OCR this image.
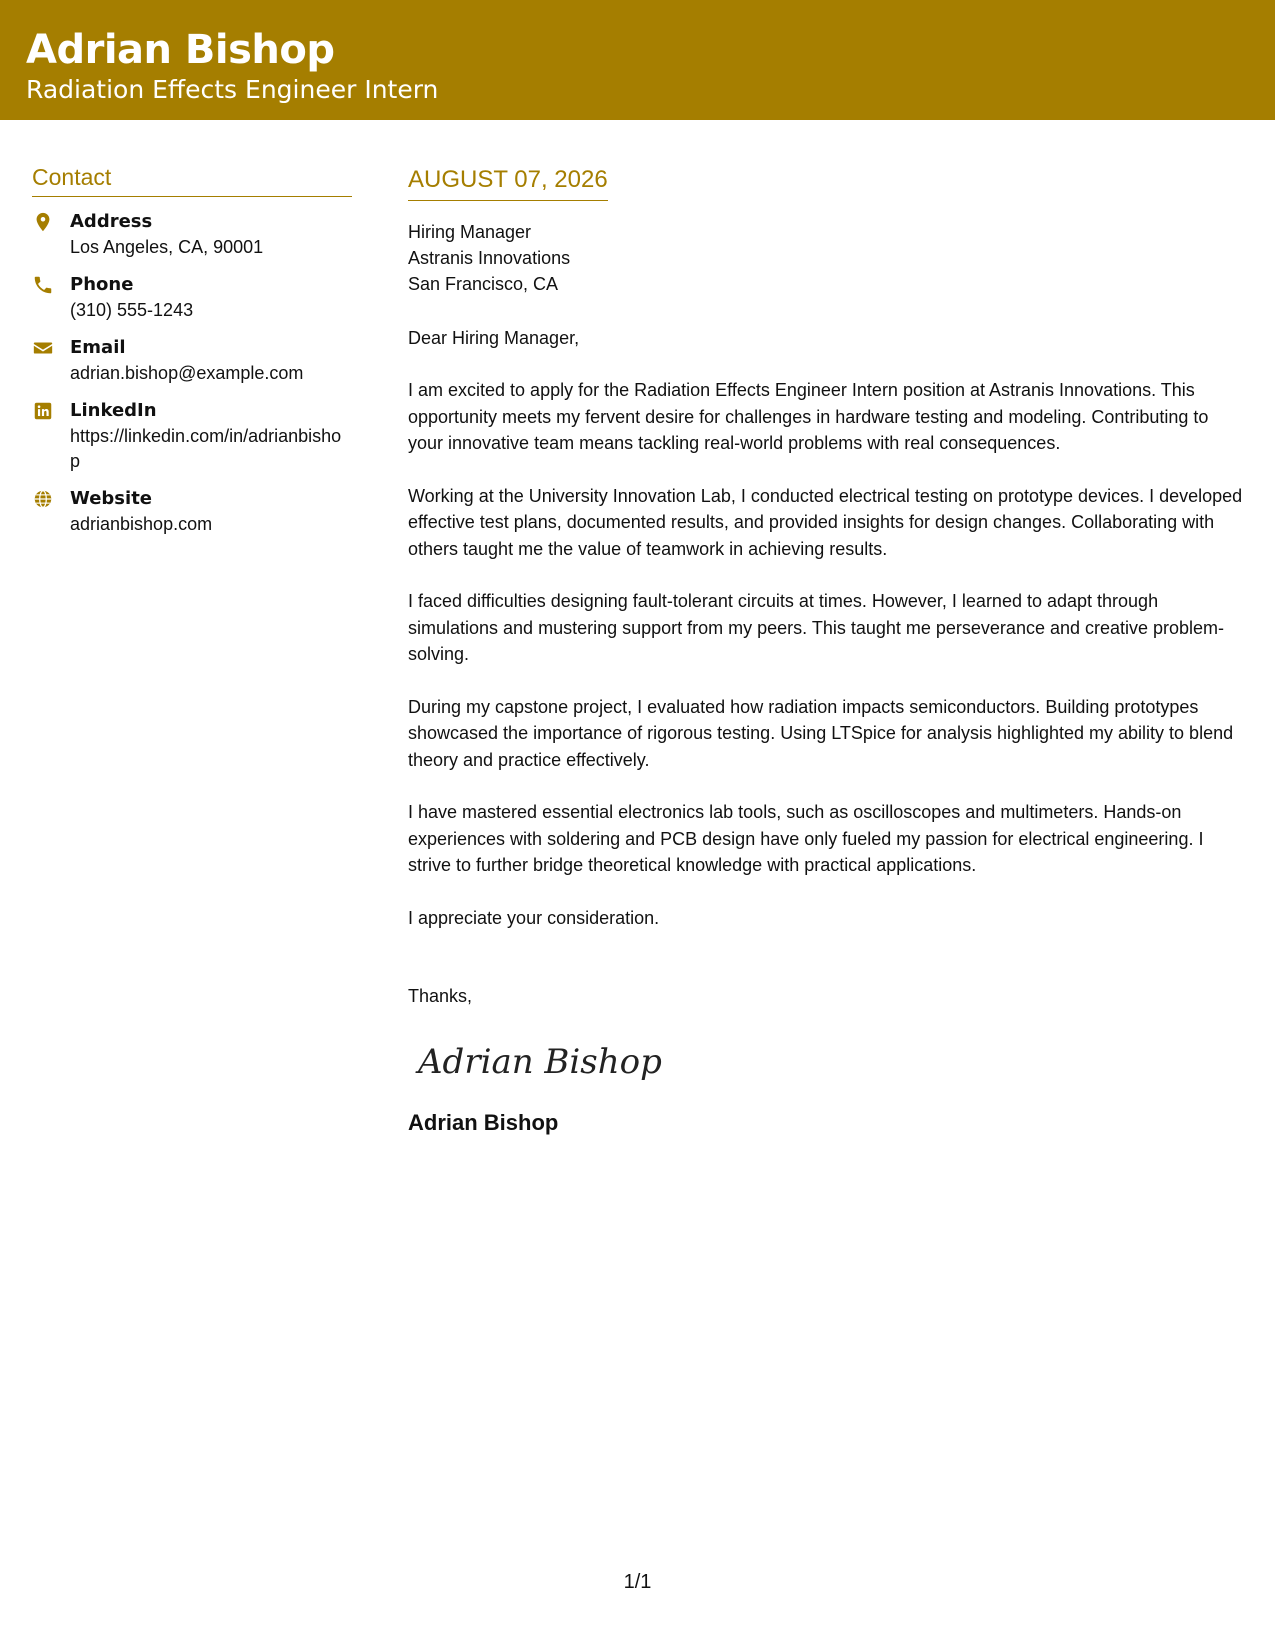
Adrian Bishop
Radiation Effects Engineer Intern
Contact
Address
Los Angeles, CA, 90001
Phone
(310) 555-1243
Email
adrian.bishop@example.com
LinkedIn
https://linkedin.com/in/adrianbishop
Website
adrianbishop.com
AUGUST 07, 2026
Hiring Manager
Astranis Innovations
San Francisco, CA
Dear Hiring Manager,
I am excited to apply for the Radiation Effects Engineer Intern position at Astranis Innovations. This opportunity meets my fervent desire for challenges in hardware testing and modeling. Contributing to your innovative team means tackling real-world problems with real consequences.
Working at the University Innovation Lab, I conducted electrical testing on prototype devices. I developed effective test plans, documented results, and provided insights for design changes. Collaborating with others taught me the value of teamwork in achieving results.
I faced difficulties designing fault-tolerant circuits at times. However, I learned to adapt through simulations and mustering support from my peers. This taught me perseverance and creative problem-solving.
During my capstone project, I evaluated how radiation impacts semiconductors. Building prototypes showcased the importance of rigorous testing. Using LTSpice for analysis highlighted my ability to blend theory and practice effectively.
I have mastered essential electronics lab tools, such as oscilloscopes and multimeters. Hands-on experiences with soldering and PCB design have only fueled my passion for electrical engineering. I strive to further bridge theoretical knowledge with practical applications.
I appreciate your consideration.
Thanks,
Adrian Bishop
Adrian Bishop
1/1
